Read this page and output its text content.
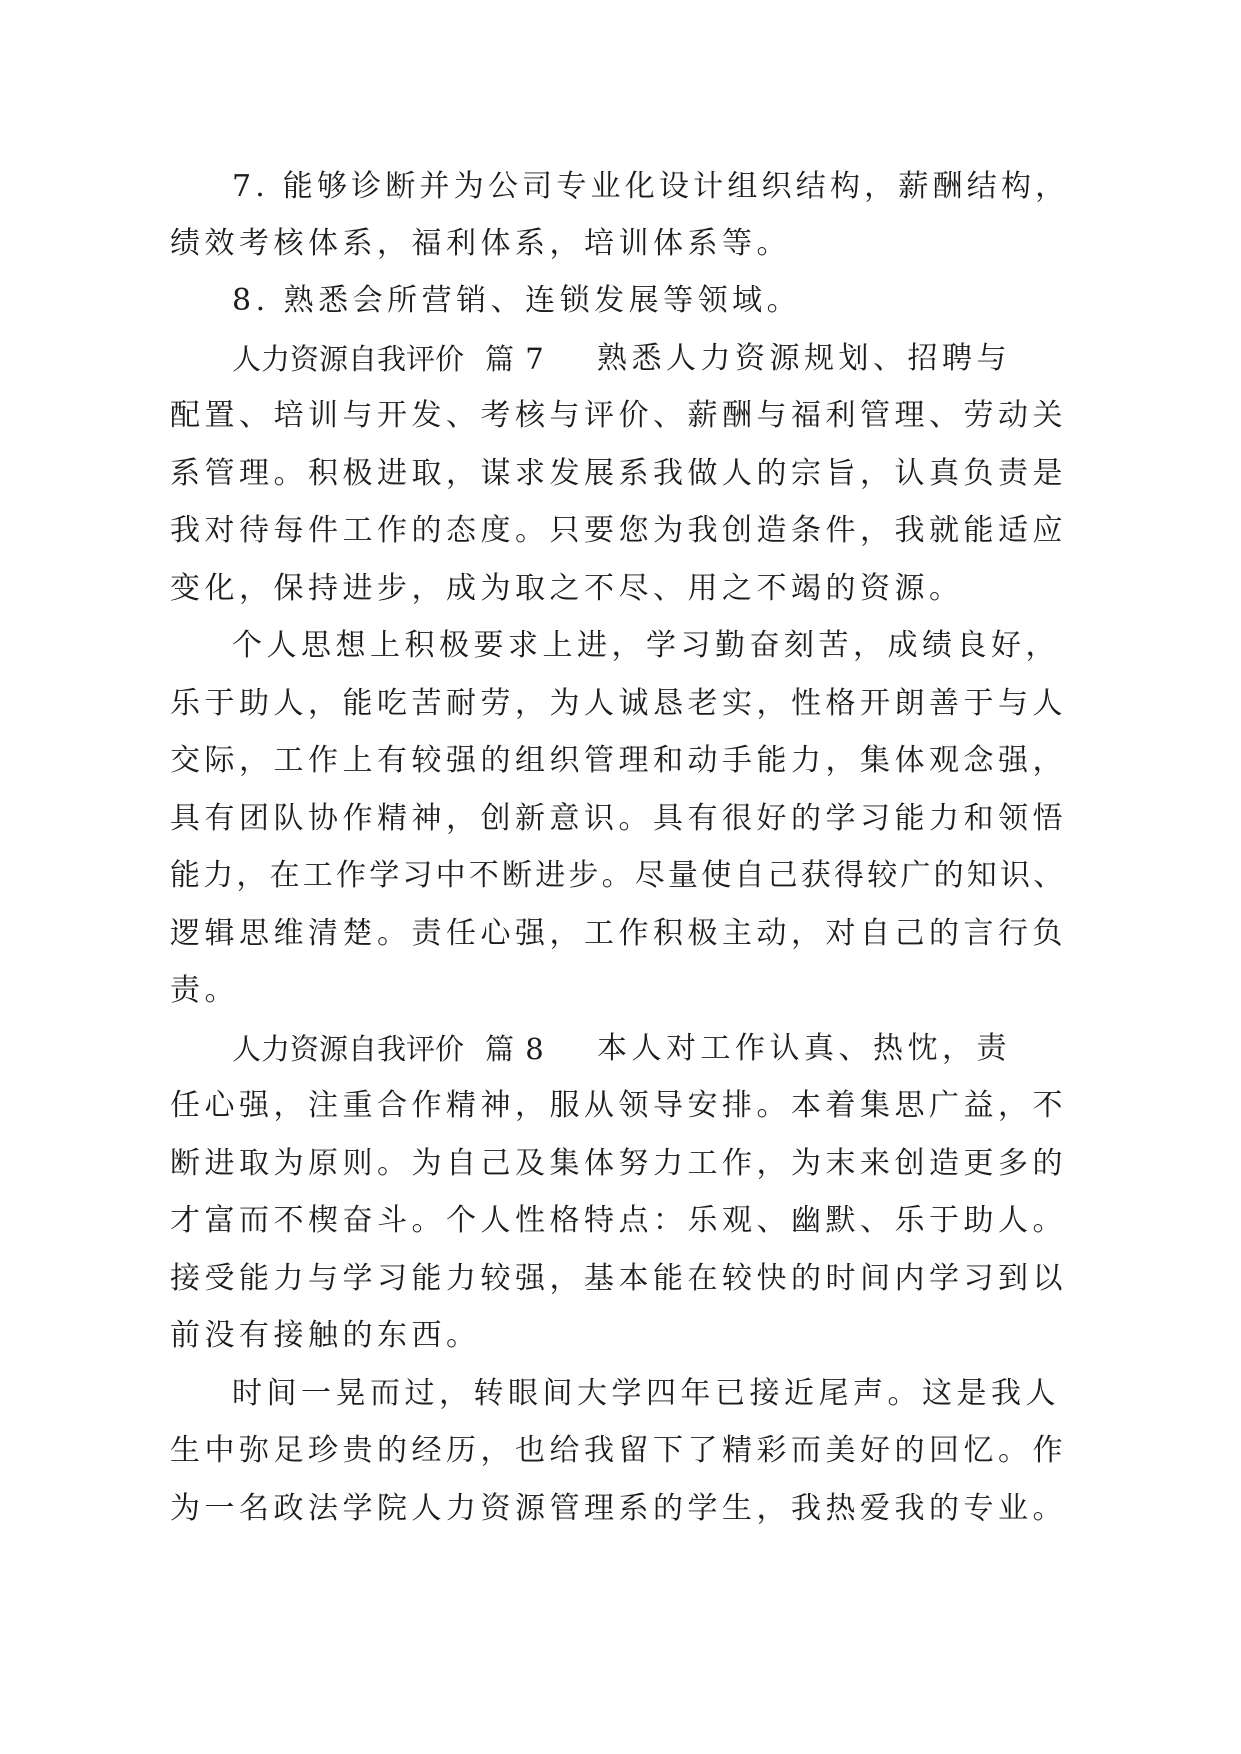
7. 能够诊断并为公司专业化设计组织结构，薪酬结构，
绩效考核体系，福利体系，培训体系等。
8. 熟悉会所营销、连锁发展等领域。
人力资源自我评价 篇 7 熟悉人力资源规划、招聘与
配置、培训与开发、考核与评价、薪酬与福利管理、劳动关
系管理。积极进取，谋求发展系我做人的宗旨，认真负责是
我对待每件工作的态度。只要您为我创造条件，我就能适应
变化，保持进步，成为取之不尽、用之不竭的资源。
个人思想上积极要求上进，学习勤奋刻苦，成绩良好，
乐于助人，能吃苦耐劳，为人诚恳老实，性格开朗善于与人
交际，工作上有较强的组织管理和动手能力，集体观念强，
具有团队协作精神，创新意识。具有很好的学习能力和领悟
能力，在工作学习中不断进步。尽量使自己获得较广的知识、
逻辑思维清楚。责任心强，工作积极主动，对自己的言行负
责。
人力资源自我评价 篇 8 本人对工作认真、热忱，责
任心强，注重合作精神，服从领导安排。本着集思广益，不
断进取为原则。为自己及集体努力工作，为末来创造更多的
才富而不楔奋斗。个人性格特点：乐观、幽默、乐于助人。
接受能力与学习能力较强，基本能在较快的时间内学习到以
前没有接触的东西。
时间一晃而过，转眼间大学四年已接近尾声。这是我人
生中弥足珍贵的经历，也给我留下了精彩而美好的回忆。作
为一名政法学院人力资源管理系的学生，我热爱我的专业。
